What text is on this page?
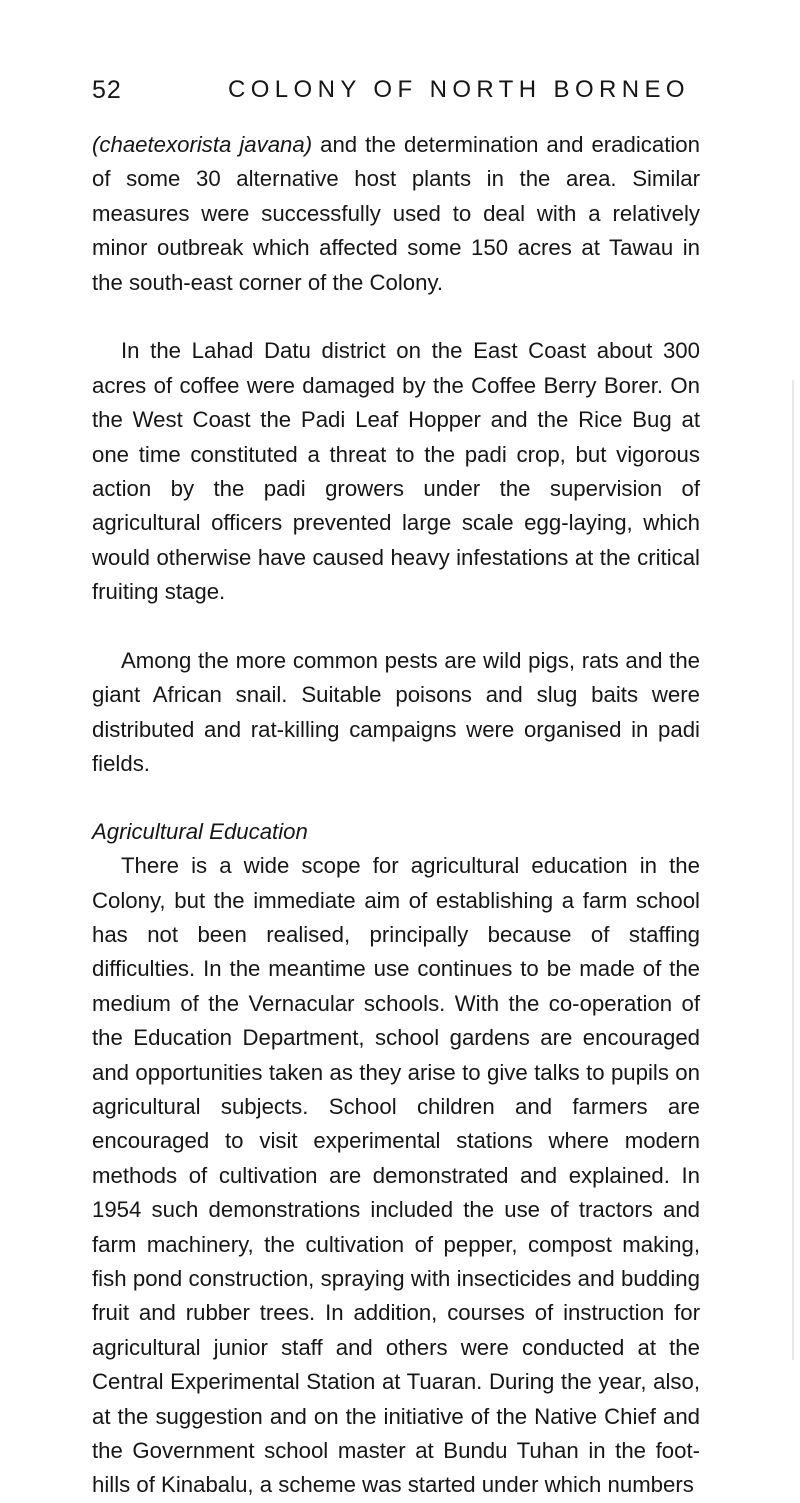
52	COLONY OF NORTH BORNEO

(chaetexorista javana) and the determination and eradication of some 30 alternative host plants in the area. Similar measures were successfully used to deal with a relatively minor outbreak which affected some 150 acres at Tawau in the south-east corner of the Colony.

In the Lahad Datu district on the East Coast about 300 acres of coffee were damaged by the Coffee Berry Borer. On the West Coast the Padi Leaf Hopper and the Rice Bug at one time constituted a threat to the padi crop, but vigorous action by the padi growers under the supervision of agricultural officers prevented large scale egg-laying, which would otherwise have caused heavy infestations at the critical fruiting stage.

Among the more common pests are wild pigs, rats and the giant African snail. Suitable poisons and slug baits were distributed and rat-killing campaigns were organised in padi fields.

Agricultural Education

There is a wide scope for agricultural education in the Colony, but the immediate aim of establishing a farm school has not been realised, principally because of staffing difficulties. In the meantime use continues to be made of the medium of the Vernacular schools. With the co-operation of the Education Department, school gardens are encouraged and opportunities taken as they arise to give talks to pupils on agricultural subjects. School children and farmers are encouraged to visit experimental stations where modern methods of cultivation are demonstrated and explained. In 1954 such demonstrations included the use of tractors and farm machinery, the cultivation of pepper, compost making, fish pond construction, spraying with insecticides and budding fruit and rubber trees. In addition, courses of instruction for agricultural junior staff and others were conducted at the Central Experimental Station at Tuaran. During the year, also, at the suggestion and on the initiative of the Native Chief and the Government school master at Bundu Tuhan in the foothills of Kinabalu, a scheme was started under which numbers
